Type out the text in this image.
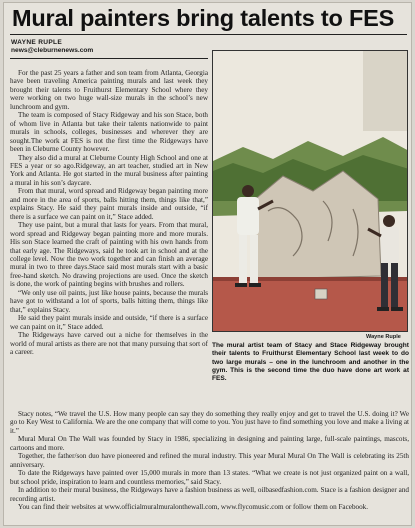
Mural painters bring talents to FES
WAYNE RUPLE
news@cleburnenews.com

For the past 25 years a father and son team from Atlanta, Georgia have been traveling America painting murals and last week they brought their talents to Fruithurst Elementary School where they were working on two huge wall-size murals in the school’s new lunchroom and gym.

The team is composed of Stacy Ridgeway and his son Stace, both of whom live in Atlanta but take their talents nationwide to paint murals in schools, colleges, businesses and wherever they are sought.The work at FES is not the first time the Ridgeways have been in Cleburne County however.

They also did a mural at Cleburne County High School and one at FES a year or so ago.Ridgeway, an art teacher, studied art in New York and Atlanta. He got started in the mural business after painting a mural in his son’s daycare.

From that mural, word spread and Ridgeway began painting more and more in the area of sports, balls hitting them, things like that,” explains Stacy. He said they paint murals inside and outside, “if there is a surface we can paint on it,” Stace added.

They use paint, but a mural that lasts for years. From that mural, word spread and Ridgeway began painting more and more murals. His son Stace learned the craft of painting with his own hands from that early age. The Ridgeways, said he took art in school and at the college level. Now the two work together and can finish an average mural in two to three days.Stace said most murals start with a basic free-hand sketch. No drawing projections are used. Once the sketch is done, the work of painting begins with brushes and rollers.

“We only use oil paints, just like house paints, because the murals have got to withstand a lot of sports, balls hitting them, things like that,” explains Stacy.

He said they paint murals inside and outside, “if there is a surface we can paint on it,” Stace added.

The Ridgeways have carved out a niche for themselves in the world of mural artists as there are not that many pursuing that sort of a career.

Wayne Ruple
The mural artist team of Stacy and Stace Ridgeway brought their talents to Fruithurst Elementary School last week to do two large murals – one in the lunchroom and another in the gym. This is the second time the duo have done art work at FES.

Stacy notes, “We travel the U.S. How many people can say they do something they really enjoy and get to travel the U.S. doing it? We go to Key West to California. We are the one company that will come to you. You just have to find something you love and make a living at it.”

Mural Mural On The Wall was founded by Stacy in 1986, specializing in designing and painting large, full-scale paintings, mascots, cartoons and more.

Together, the father/son duo have pioneered and refined the mural industry. This year Mural Mural On The Wall is celebrating its 25th anniversary.

To date the Ridgeways have painted over 15,000 murals in more than 13 states. “What we create is not just organized paint on a wall, but school pride, inspiration to learn and countless memories,” said Stacy.

In addition to their mural business, the Ridgeways have a fashion business as well, oilbasedfashion.com. Stace is a fashion designer and recording artist.

You can find their websites at www.officialmuralmuralonthewall.com, www.flycomusic.com or follow them on Facebook.
